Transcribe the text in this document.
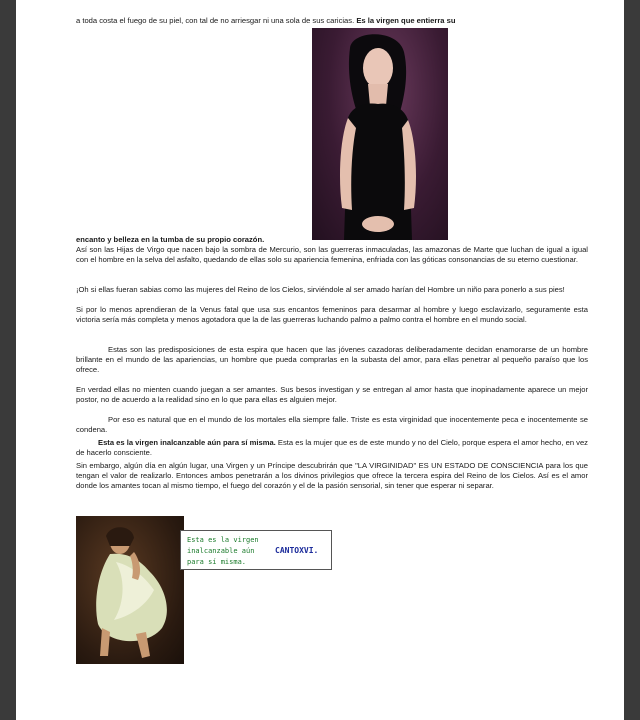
a toda costa el fuego de su piel, con tal de no arriesgar ni una sola de sus caricias. Es la virgen que entierra su

encanto y belleza en la tumba de su propio corazón.

Así son las Hijas de Virgo que nacen bajo la sombra de Mercurio, son las guerreras inmaculadas, las amazonas de Marte que luchan de igual a igual con el hombre en la selva del asfalto, quedando de ellas solo su apariencia femenina, enfriada con las góticas consonancias de su eterno cuestionar.

¡Oh si ellas fueran sabias como las mujeres del Reino de los Cielos, sirviéndole al ser amado harían del Hombre un niño para ponerlo a sus pies!

Si por lo menos aprendieran de la Venus fatal que usa sus encantos femeninos para desarmar al hombre y luego esclavizarlo, seguramente esta victoria sería más completa y menos agotadora que la de las guerreras luchando palmo a palmo contra el hombre en el mundo social.

Estas son las predisposiciones de esta espira que hacen que las jóvenes cazadoras deliberadamente decidan enamorarse de un hombre brillante en el mundo de las apariencias, un hombre que pueda comprarlas en la subasta del amor, para ellas penetrar al pequeño paraíso que los ofrece.

En verdad ellas no mienten cuando juegan a ser amantes. Sus besos investigan y se entregan al amor hasta que inopinadamente aparece un mejor postor, no de acuerdo a la realidad sino en lo que para ellas es alguien mejor.

Por eso es natural que en el mundo de los mortales ella siempre falle. Triste es esta virginidad que inocentemente peca e inocentemente se condena.

Esta es la virgen inalcanzable aún para sí misma. Esta es la mujer que es de este mundo y no del Cielo, porque espera el amor hecho, en vez de hacerlo consciente.

Sin embargo, algún día en algún lugar, una Virgen y un Príncipe descubrirán que "LA VIRGINIDAD" ES UN ESTADO DE CONSCIENCIA para los que tengan el valor de realizarlo. Entonces ambos penetrarán a los divinos privilegios que ofrece la tercera espira del Reino de los Cielos. Así es el amor donde los amantes tocan al mismo tiempo, el fuego del corazón y el de la pasión sensorial, sin tener que esperar ni separar.

Esta es la virgen inalcanzable aún
para sí misma.
CANTOXVI.
